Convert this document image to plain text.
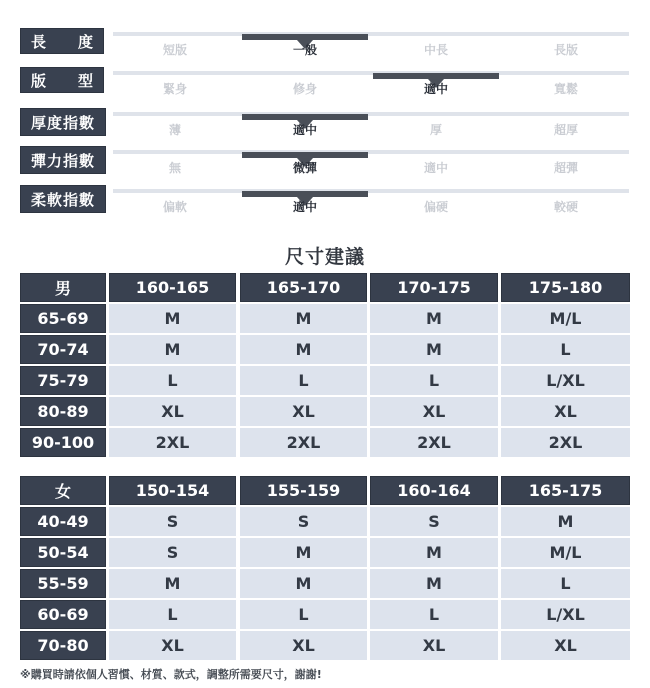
長 度	短版	一般	中長	長版
版 型	緊身	修身	適中	寬鬆
厚度指數	薄	適中	厚	超厚
彈力指數	無	微彈	適中	超彈
柔軟指數	偏軟	適中	偏硬	較硬
尺寸建議
男	160-165	165-170	170-175	175-180
65-69	M	M	M	M/L
70-74	M	M	M	L
75-79	L	L	L	L/XL
80-89	XL	XL	XL	XL
90-100	2XL	2XL	2XL	2XL
女	150-154	155-159	160-164	165-175
40-49	S	S	S	M
50-54	S	M	M	M/L
55-59	M	M	M	L
60-69	L	L	L	L/XL
70-80	XL	XL	XL	XL
※購買時請依個人習慣、材質、款式，調整所需要尺寸，謝謝!
